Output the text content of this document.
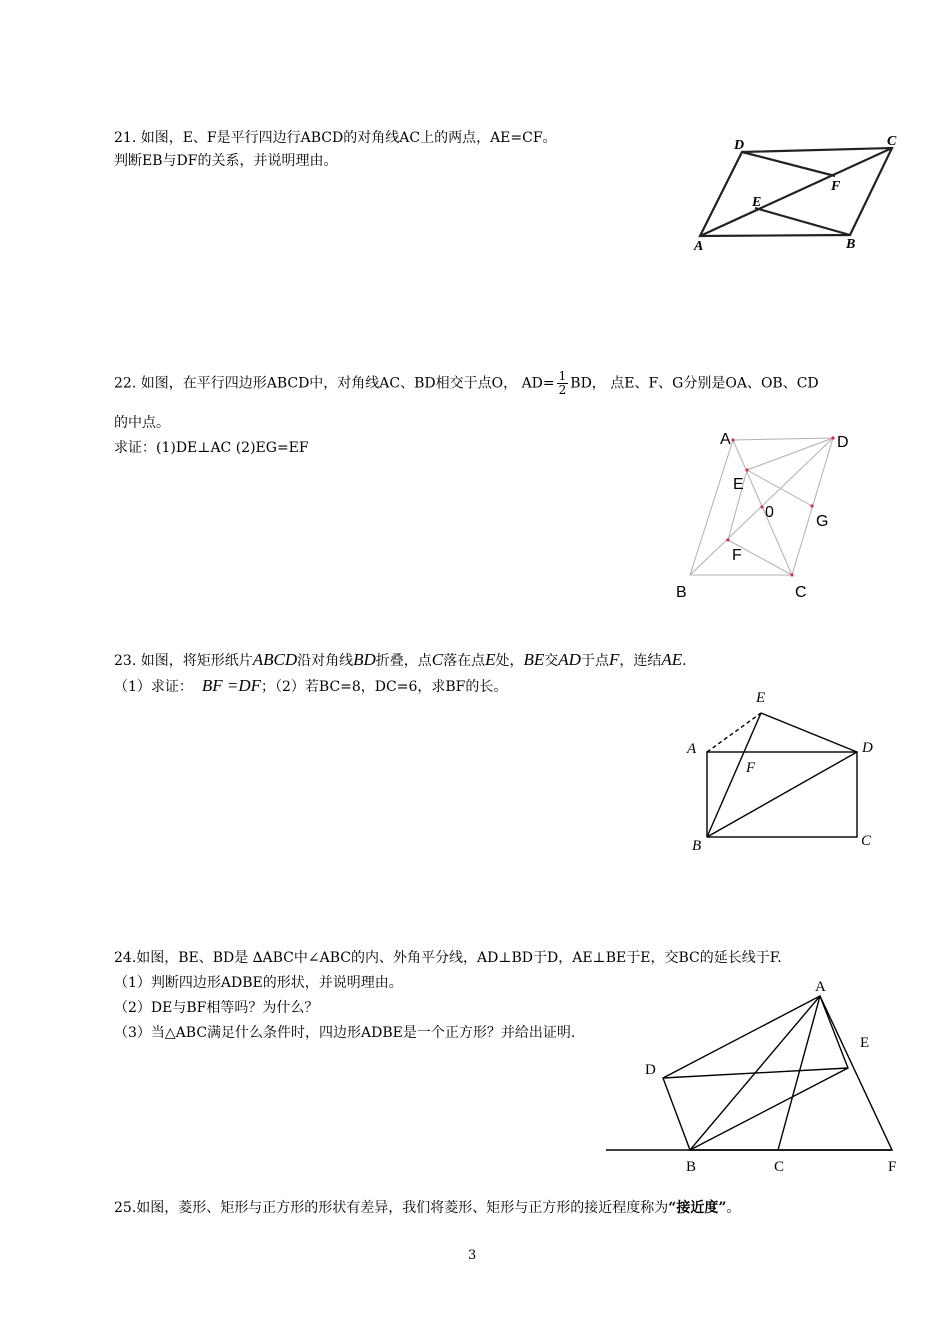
21. 如图，E、F是平行四边行ABCD的对角线AC上的两点，AE=CF。
判断EB与DF的关系，并说明理由。
D	C
F
E
A	B
22. 如图，在平行四边形ABCD中，对角线AC、BD相交于点O， $AD= \frac{1}{2}$ BD， 点E、F、G分别是OA、OB、CD
的中点。
求证：(1)DE⊥AC (2)EG=EF	A	D
E
0
G
F
B	C
23. 如图，将矩形纸片ABCD沿对角线BD折叠，点C落在点E处，BE交AD于点F，连结AE.
（1）求证： BF =DF；（2）若BC=8，DC=6，求BF的长。
E
A	D
F
B	C
24.如图，BE、BD是 ∆ABC中∠ABC的内、外角平分线，AD⊥BD于D，AE⊥BE于E，交BC的延长线于F.
（1）判断四边形ADBE的形状，并说明理由。
（2）DE与BF相等吗？为什么？
（3）当△ABC满足什么条件时，四边形ADBE是一个正方形？并给出证明.
A
E
D
B	C	F
25.如图，菱形、矩形与正方形的形状有差异，我们将菱形、矩形与正方形的接近程度称为“接近度”。
3
